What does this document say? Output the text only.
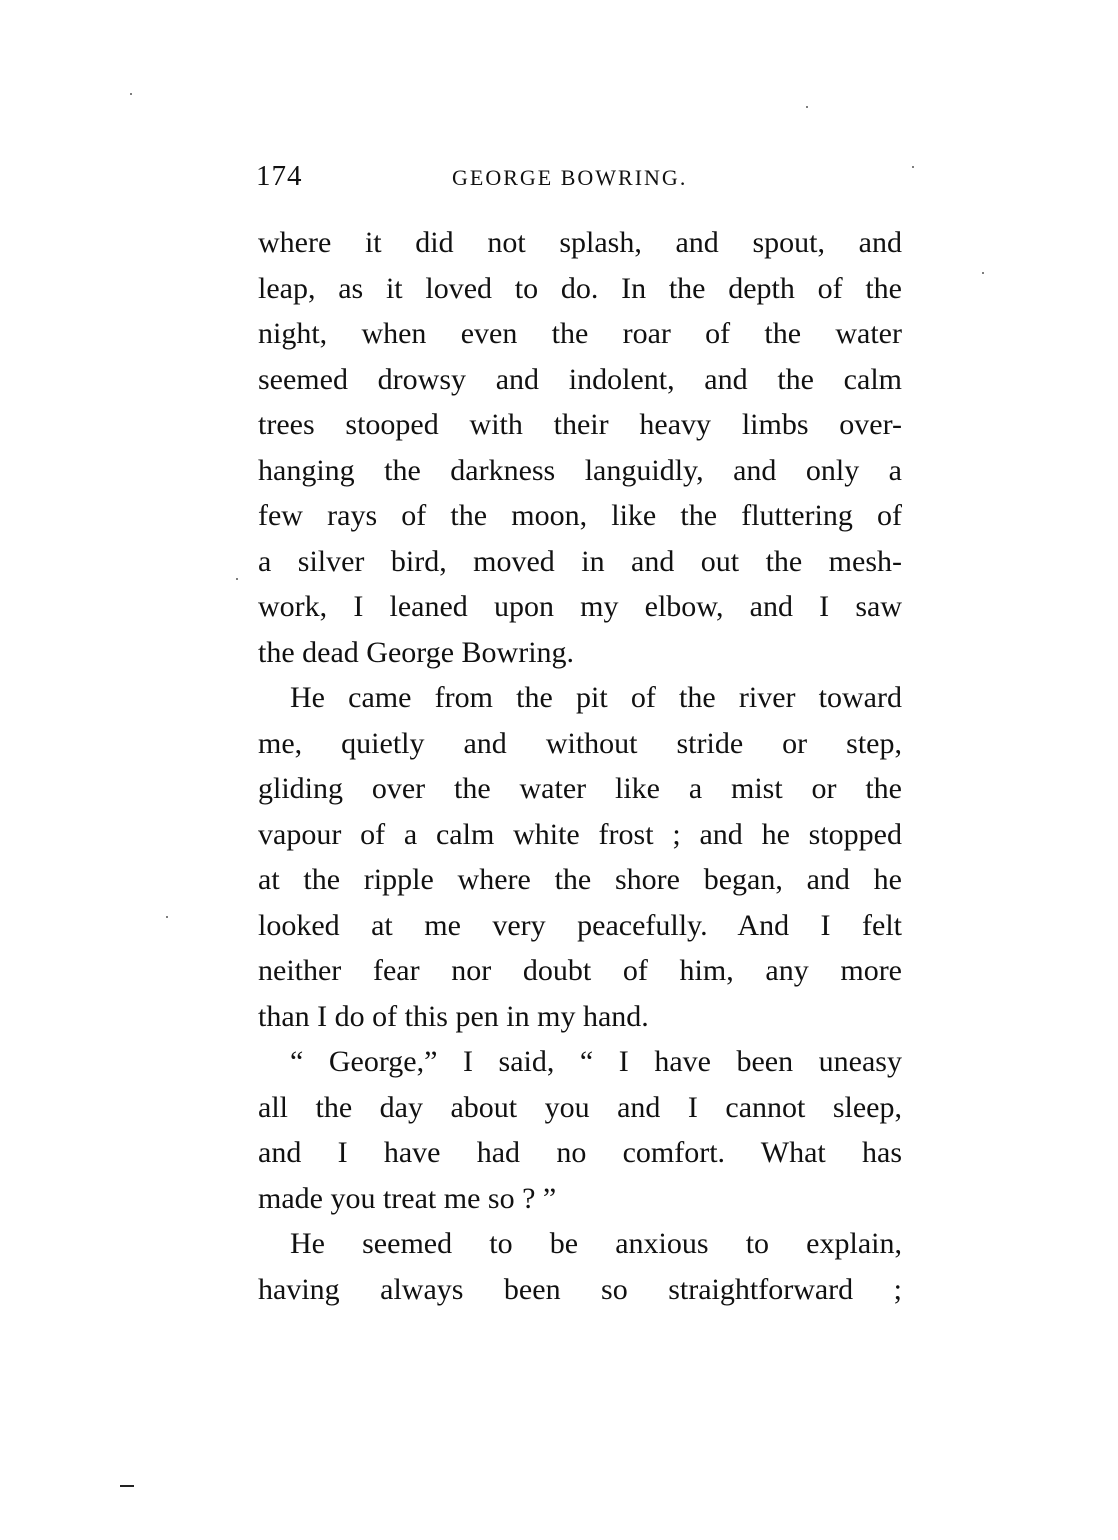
174	GEORGE BOWRING.
where it did not splash, and spout, and
leap, as it loved to do. In the depth of the
night, when even the roar of the water
seemed drowsy and indolent, and the calm
trees stooped with their heavy limbs over-
hanging the darkness languidly, and only a
few rays of the moon, like the fluttering of
a silver bird, moved in and out the mesh-
work, I leaned upon my elbow, and I saw
the dead George Bowring.
He came from the pit of the river toward
me, quietly and without stride or step,
gliding over the water like a mist or the
vapour of a calm white frost ; and he stopped
at the ripple where the shore began, and he
looked at me very peacefully. And I felt
neither fear nor doubt of him, any more
than I do of this pen in my hand.
“ George,” I said, “ I have been uneasy
all the day about you and I cannot sleep,
and I have had no comfort. What has
made you treat me so ? ”
He seemed to be anxious to explain,
having always been so straightforward ;
